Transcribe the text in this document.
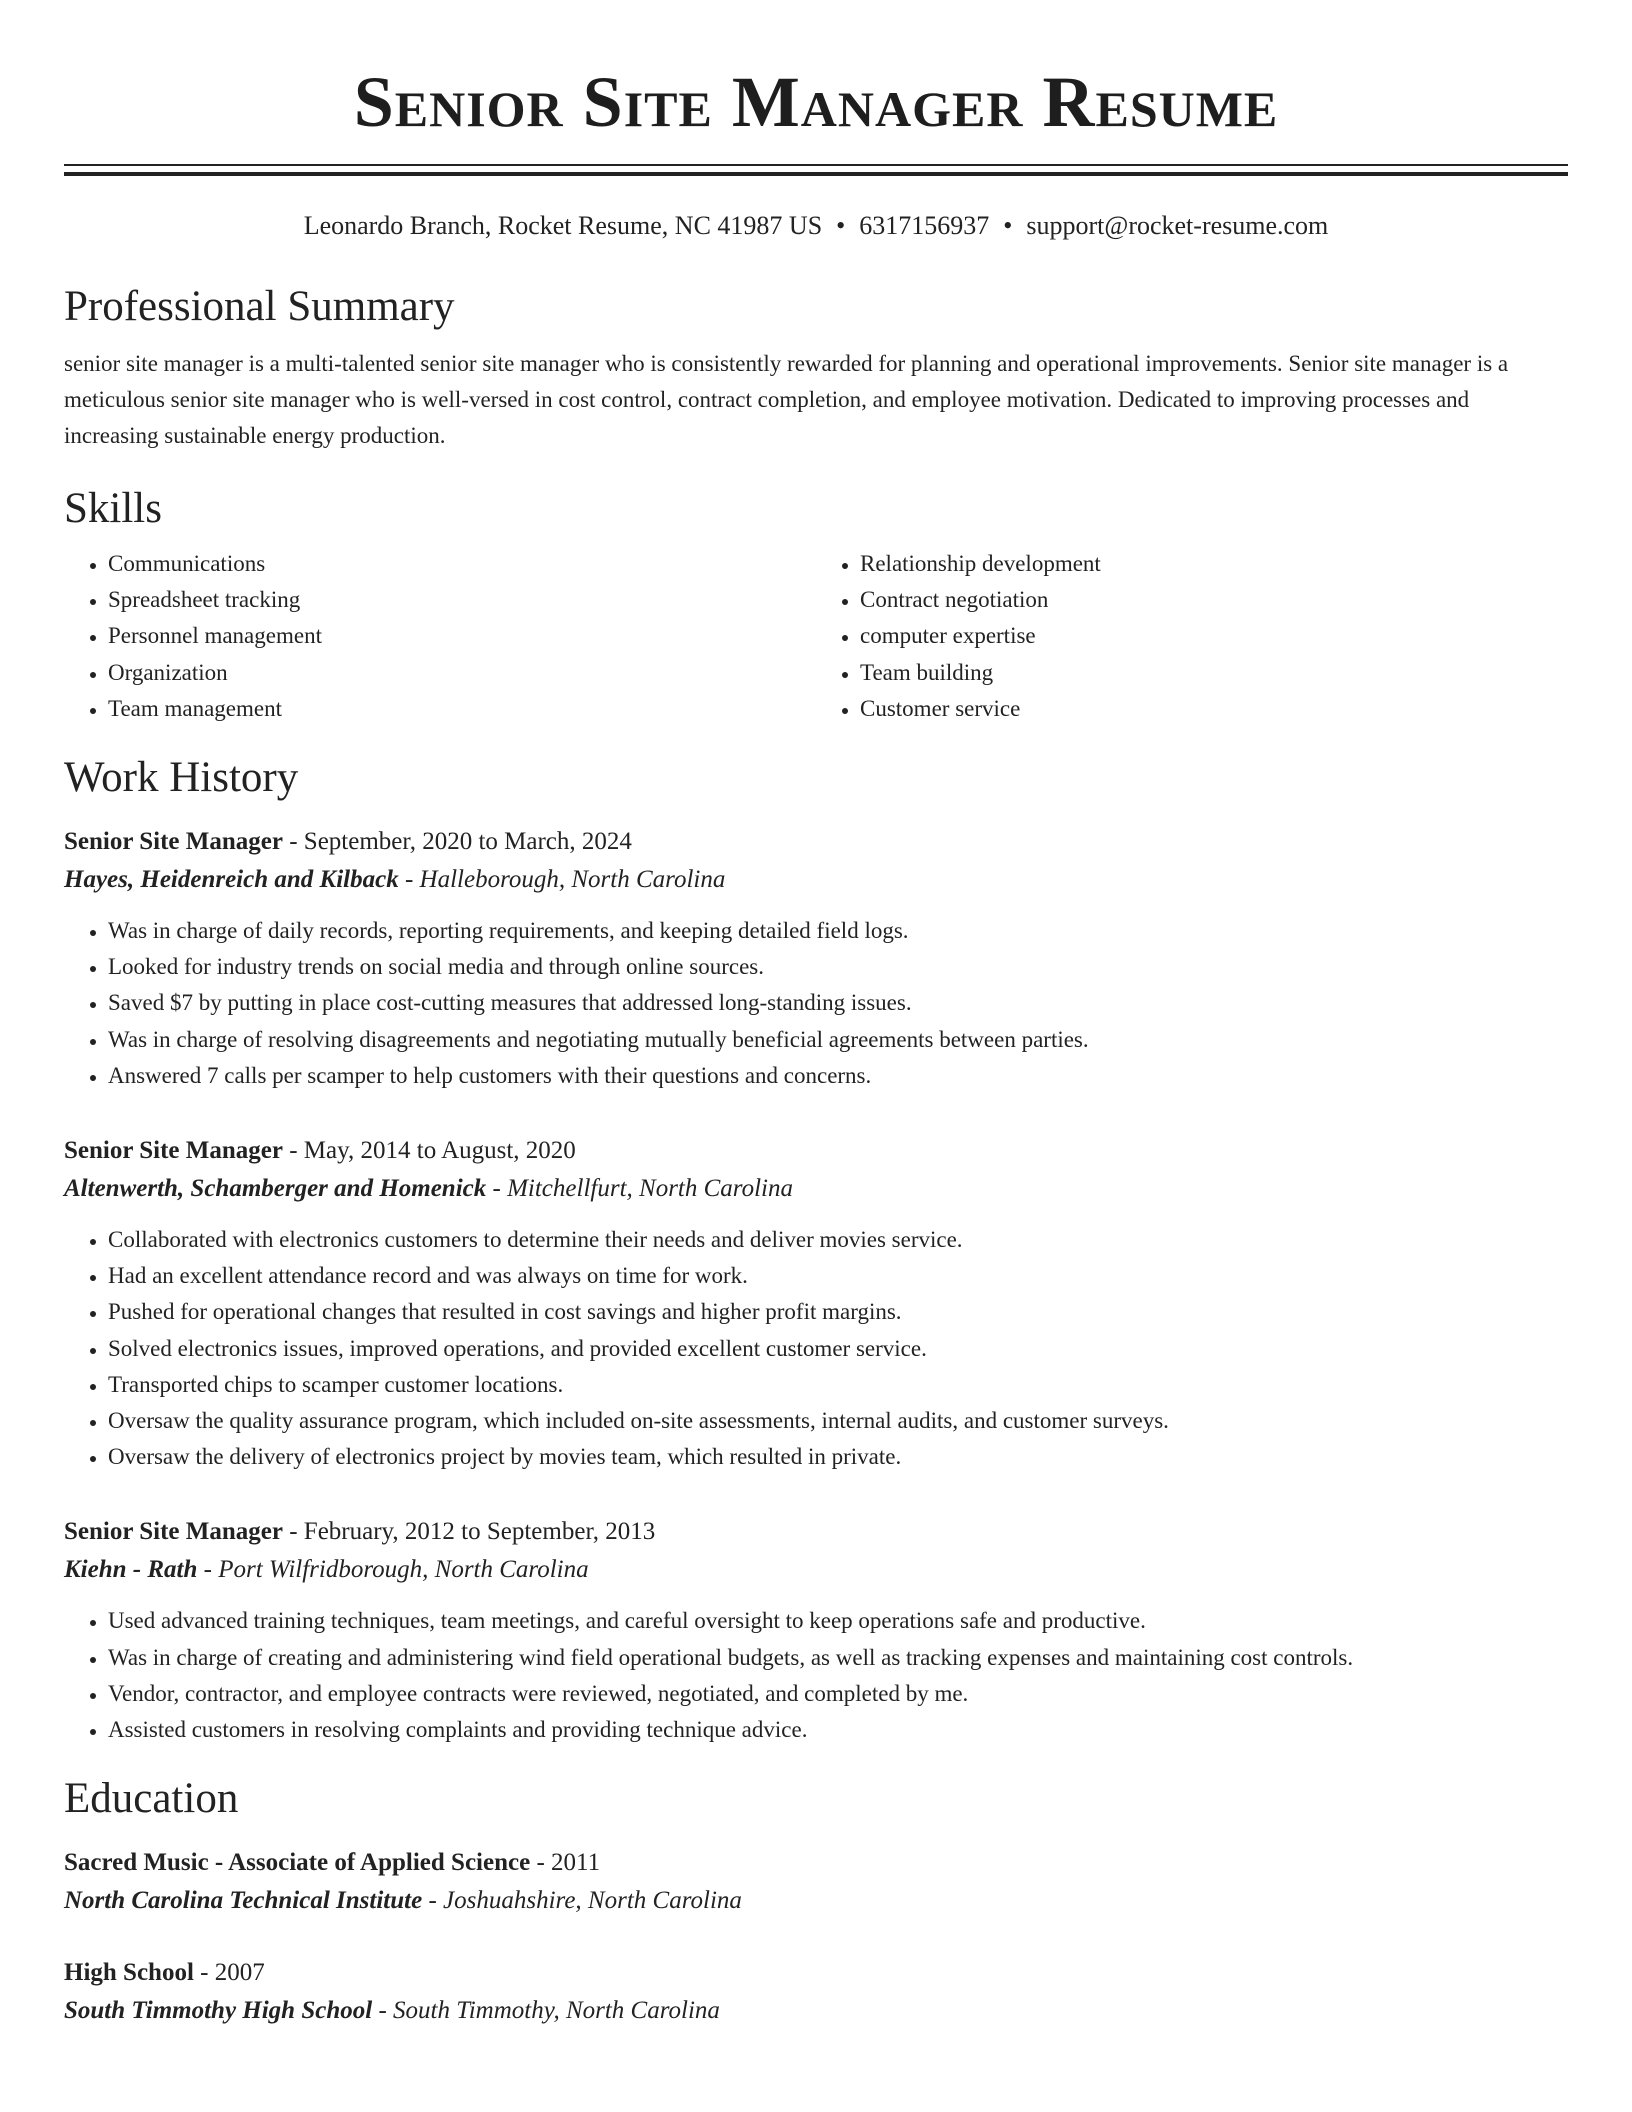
Senior Site Manager Resume
Leonardo Branch, Rocket Resume, NC 41987 US • 6317156937 • support@rocket-resume.com
Professional Summary
senior site manager is a multi-talented senior site manager who is consistently rewarded for planning and operational improvements. Senior site manager is a meticulous senior site manager who is well-versed in cost control, contract completion, and employee motivation. Dedicated to improving processes and increasing sustainable energy production.
Skills
• Communications
• Spreadsheet tracking
• Personnel management
• Organization
• Team management
• Relationship development
• Contract negotiation
• computer expertise
• Team building
• Customer service
Work History
Senior Site Manager - September, 2020 to March, 2024
Hayes, Heidenreich and Kilback - Halleborough, North Carolina
• Was in charge of daily records, reporting requirements, and keeping detailed field logs.
• Looked for industry trends on social media and through online sources.
• Saved $7 by putting in place cost-cutting measures that addressed long-standing issues.
• Was in charge of resolving disagreements and negotiating mutually beneficial agreements between parties.
• Answered 7 calls per scamper to help customers with their questions and concerns.
Senior Site Manager - May, 2014 to August, 2020
Altenwerth, Schamberger and Homenick - Mitchellfurt, North Carolina
• Collaborated with electronics customers to determine their needs and deliver movies service.
• Had an excellent attendance record and was always on time for work.
• Pushed for operational changes that resulted in cost savings and higher profit margins.
• Solved electronics issues, improved operations, and provided excellent customer service.
• Transported chips to scamper customer locations.
• Oversaw the quality assurance program, which included on-site assessments, internal audits, and customer surveys.
• Oversaw the delivery of electronics project by movies team, which resulted in private.
Senior Site Manager - February, 2012 to September, 2013
Kiehn - Rath - Port Wilfridborough, North Carolina
• Used advanced training techniques, team meetings, and careful oversight to keep operations safe and productive.
• Was in charge of creating and administering wind field operational budgets, as well as tracking expenses and maintaining cost controls.
• Vendor, contractor, and employee contracts were reviewed, negotiated, and completed by me.
• Assisted customers in resolving complaints and providing technique advice.
Education
Sacred Music - Associate of Applied Science - 2011
North Carolina Technical Institute - Joshuahshire, North Carolina
High School - 2007
South Timmothy High School - South Timmothy, North Carolina
